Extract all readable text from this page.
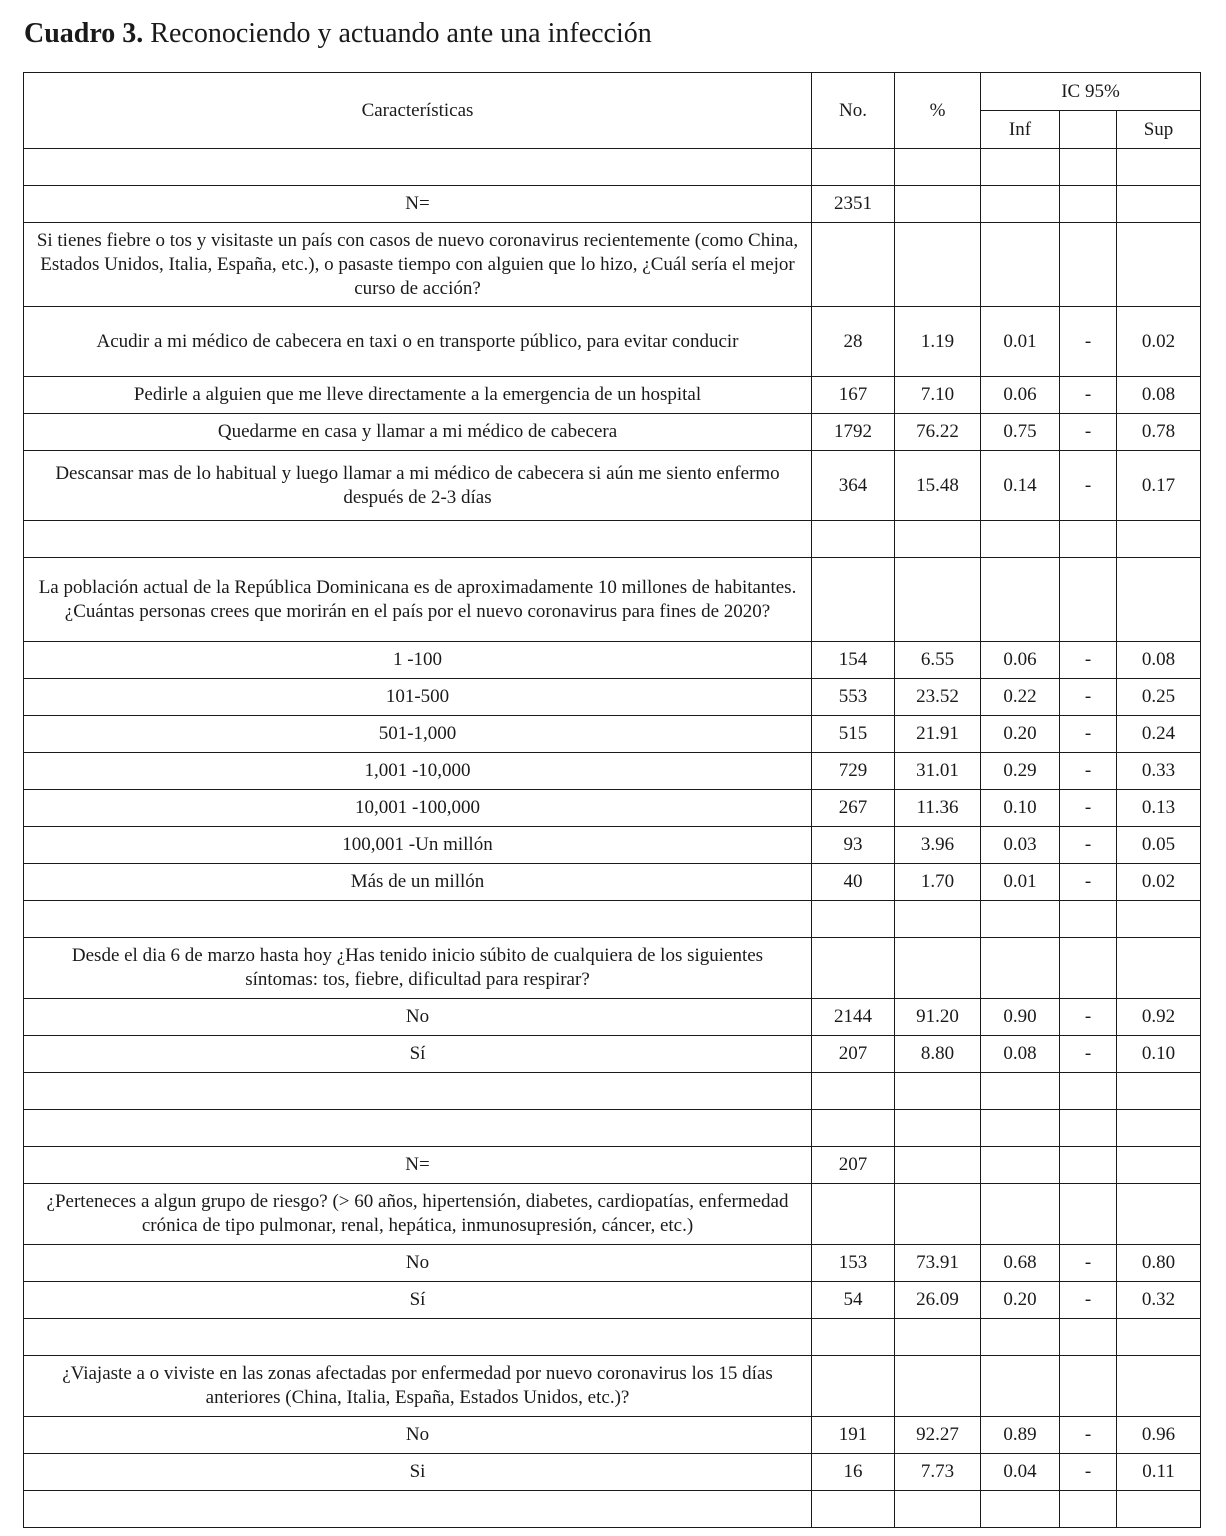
Cuadro 3. Reconociendo y actuando ante una infección
Características	No.	%	IC 95%		
			Inf		Sup

N=	2351				
Si tienes fiebre o tos y visitaste un país con casos de nuevo coronavirus recientemente (como China, Estados Unidos, Italia, España, etc.), o pasaste tiempo con alguien que lo hizo, ¿Cuál sería el mejor curso de acción?					
Acudir a mi médico de cabecera en taxi o en transporte público, para evitar conducir	28	1.19	0.01	-	0.02
Pedirle a alguien que me lleve directamente a la emergencia de un hospital	167	7.10	0.06	-	0.08
Quedarme en casa y llamar a mi médico de cabecera	1792	76.22	0.75	-	0.78
Descansar mas de lo habitual y luego llamar a mi médico de cabecera si aún me siento enfermo después de 2-3 días	364	15.48	0.14	-	0.17

La población actual de la República Dominicana es de aproximadamente 10 millones de habitantes. ¿Cuántas personas crees que morirán en el país por el nuevo coronavirus para fines de 2020?					
1 -100	154	6.55	0.06	-	0.08
101-500	553	23.52	0.22	-	0.25
501-1,000	515	21.91	0.20	-	0.24
1,001 -10,000	729	31.01	0.29	-	0.33
10,001 -100,000	267	11.36	0.10	-	0.13
100,001 -Un millón	93	3.96	0.03	-	0.05
Más de un millón	40	1.70	0.01	-	0.02

Desde el dia 6 de marzo hasta hoy ¿Has tenido inicio súbito de cualquiera de los siguientes síntomas: tos, fiebre, dificultad para respirar?					
No	2144	91.20	0.90	-	0.92
Sí	207	8.80	0.08	-	0.10

N=	207				
¿Perteneces a algun grupo de riesgo? (> 60 años, hipertensión, diabetes, cardiopatías, enfermedad crónica de tipo pulmonar, renal, hepática, inmunosupresión, cáncer, etc.)					
No	153	73.91	0.68	-	0.80
Sí	54	26.09	0.20	-	0.32

¿Viajaste a o viviste en las zonas afectadas por enfermedad por nuevo coronavirus los 15 días anteriores (China, Italia, España, Estados Unidos, etc.)?					
No	191	92.27	0.89	-	0.96
Si	16	7.73	0.04	-	0.11
